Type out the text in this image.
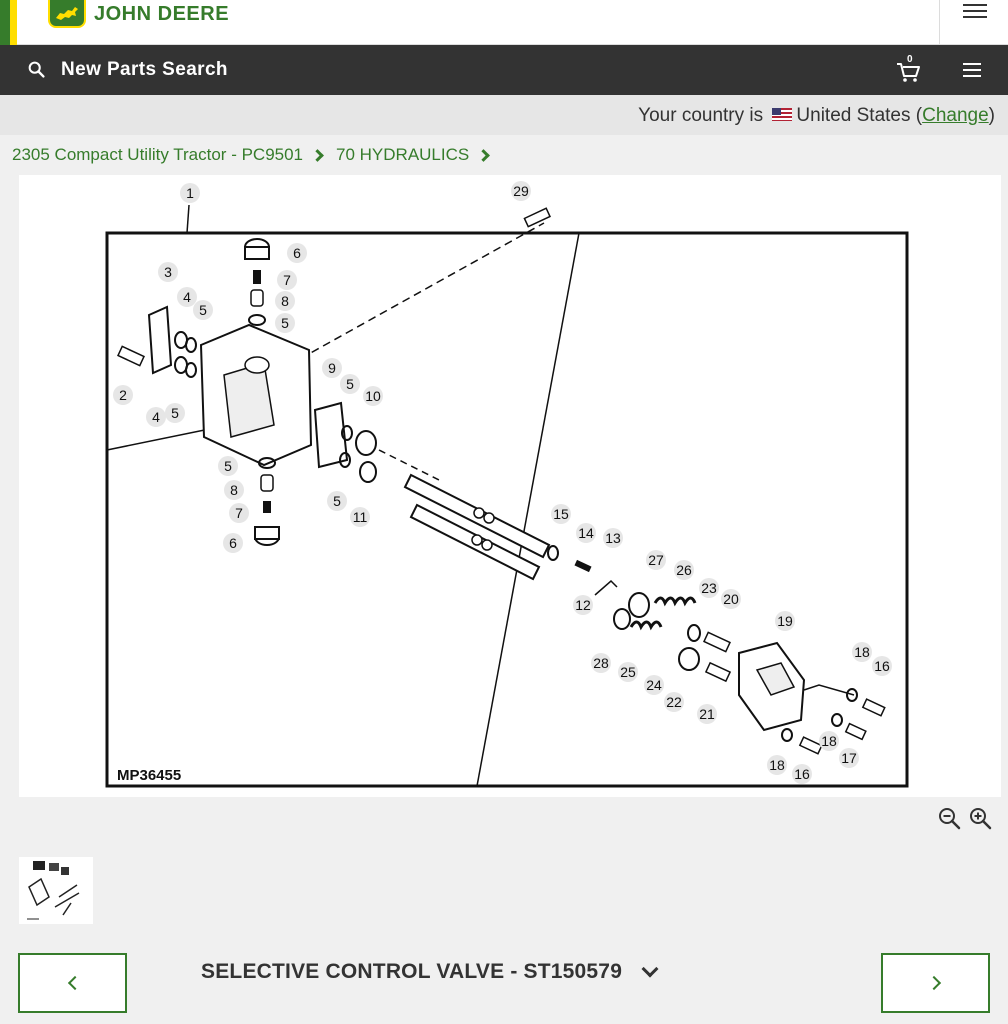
JOHN DEERE
New Parts Search	0
Your country is United States (Change)
2305 Compact Utility Tractor - PC9501 70 HYDRAULICS
MP36455
1	29
3
6
7
8
4
5
5
2
4 5
9
5
10
5
8
7
6
5
11	15
14 13
12
27
26
23
20
19
28
25
24
22
21
18
16
18
17
18
16
SELECTIVE CONTROL VALVE - ST150579
